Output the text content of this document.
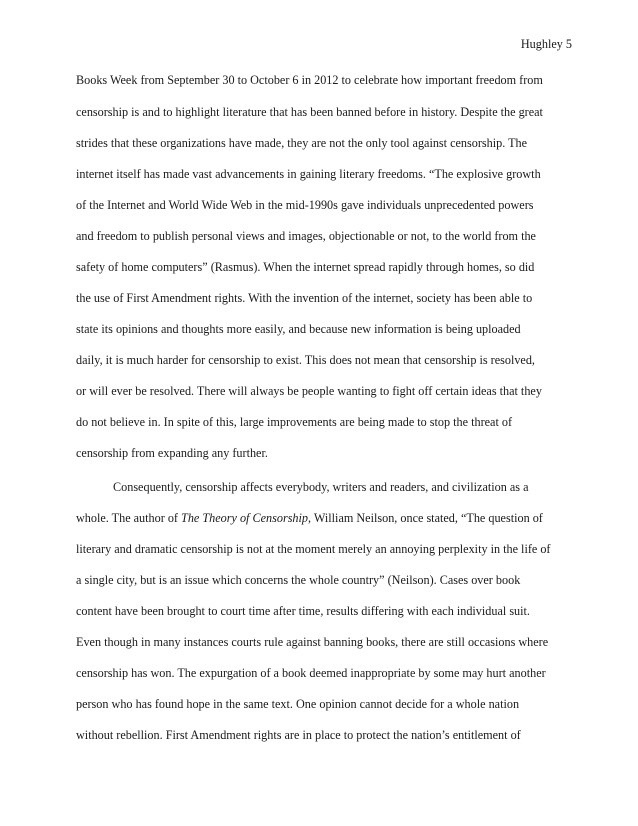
Hughley 5
Books Week from September 30 to October 6 in 2012 to celebrate how important freedom from
censorship is and to highlight literature that has been banned before in history. Despite the great
strides that these organizations have made, they are not the only tool against censorship. The
internet itself has made vast advancements in gaining literary freedoms. “The explosive growth
of the Internet and World Wide Web in the mid-1990s gave individuals unprecedented powers
and freedom to publish personal views and images, objectionable or not, to the world from the
safety of home computers” (Rasmus). When the internet spread rapidly through homes, so did
the use of First Amendment rights. With the invention of the internet, society has been able to
state its opinions and thoughts more easily, and because new information is being uploaded
daily, it is much harder for censorship to exist. This does not mean that censorship is resolved,
or will ever be resolved. There will always be people wanting to fight off certain ideas that they
do not believe in. In spite of this, large improvements are being made to stop the threat of
censorship from expanding any further.
Consequently, censorship affects everybody, writers and readers, and civilization as a
whole. The author of The Theory of Censorship, William Neilson, once stated, “The question of
literary and dramatic censorship is not at the moment merely an annoying perplexity in the life of
a single city, but is an issue which concerns the whole country” (Neilson). Cases over book
content have been brought to court time after time, results differing with each individual suit.
Even though in many instances courts rule against banning books, there are still occasions where
censorship has won. The expurgation of a book deemed inappropriate by some may hurt another
person who has found hope in the same text. One opinion cannot decide for a whole nation
without rebellion. First Amendment rights are in place to protect the nation’s entitlement of
